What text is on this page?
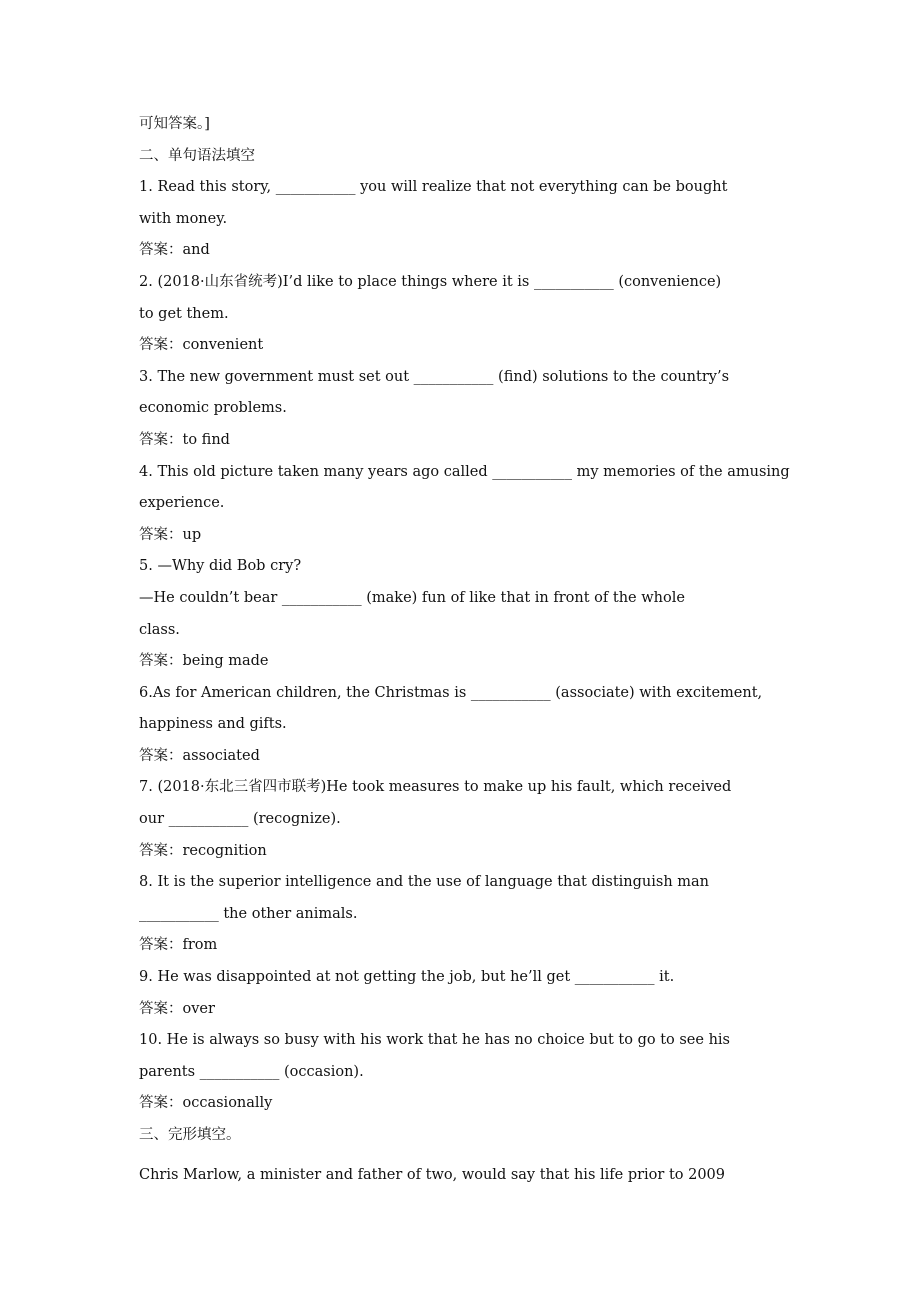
可知答案。]
二、单句语法填空
1. Read this story, ___________ you will realize that not everything can be bought
with money.
答案：and
2. (2018·山东省统考)I’d like to place things where it is ___________ (convenience)
to get them.
答案：convenient
3. The new government must set out ___________ (find) solutions to the country’s
economic problems.
答案：to find
4. This old picture taken many years ago called ___________ my memories of the amusing
experience.
答案：up
5. —Why did Bob cry?
—He couldn’t bear ___________ (make) fun of like that in front of the whole
class.
答案：being made
6.As for American children, the Christmas is ___________ (associate) with excitement,
happiness and gifts.
答案：associated
7. (2018·东北三省四市联考)He took measures to make up his fault, which received
our ___________ (recognize).
答案：recognition
8. It is the superior intelligence and the use of language that distinguish man
___________ the other animals.
答案：from
9. He was disappointed at not getting the job, but he’ll get ___________ it.
答案：over
10. He is always so busy with his work that he has no choice but to go to see his
parents ___________ (occasion).
答案：occasionally
三、完形填空。
Chris Marlow, a minister and father of two, would say that his life prior to 2009
